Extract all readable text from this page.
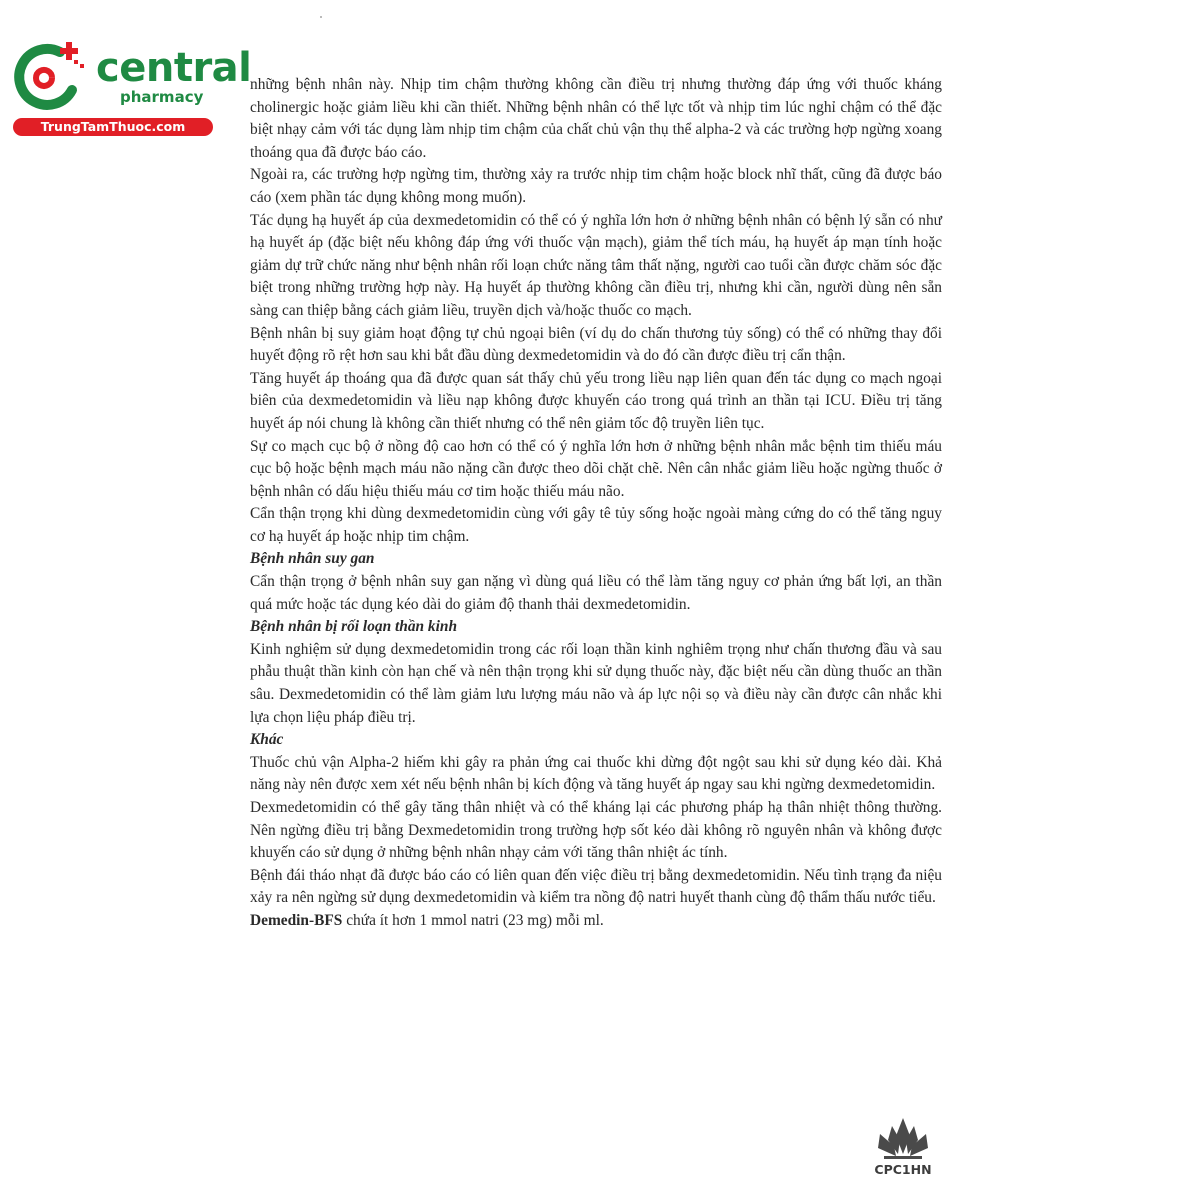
central
pharmacy
TrungTamThuoc.com

những bệnh nhân này. Nhịp tim chậm thường không cần điều trị nhưng thường đáp ứng với thuốc kháng cholinergic hoặc giảm liều khi cần thiết. Những bệnh nhân có thể lực tốt và nhịp tim lúc nghỉ chậm có thể đặc biệt nhạy cảm với tác dụng làm nhịp tim chậm của chất chủ vận thụ thể alpha-2 và các trường hợp ngừng xoang thoáng qua đã được báo cáo.

Ngoài ra, các trường hợp ngừng tim, thường xảy ra trước nhịp tim chậm hoặc block nhĩ thất, cũng đã được báo cáo (xem phần tác dụng không mong muốn).

Tác dụng hạ huyết áp của dexmedetomidin có thể có ý nghĩa lớn hơn ở những bệnh nhân có bệnh lý sẵn có như hạ huyết áp (đặc biệt nếu không đáp ứng với thuốc vận mạch), giảm thể tích máu, hạ huyết áp mạn tính hoặc giảm dự trữ chức năng như bệnh nhân rối loạn chức năng tâm thất nặng, người cao tuổi cần được chăm sóc đặc biệt trong những trường hợp này. Hạ huyết áp thường không cần điều trị, nhưng khi cần, người dùng nên sẵn sàng can thiệp bằng cách giảm liều, truyền dịch và/hoặc thuốc co mạch.

Bệnh nhân bị suy giảm hoạt động tự chủ ngoại biên (ví dụ do chấn thương tủy sống) có thể có những thay đổi huyết động rõ rệt hơn sau khi bắt đầu dùng dexmedetomidin và do đó cần được điều trị cẩn thận.

Tăng huyết áp thoáng qua đã được quan sát thấy chủ yếu trong liều nạp liên quan đến tác dụng co mạch ngoại biên của dexmedetomidin và liều nạp không được khuyến cáo trong quá trình an thần tại ICU. Điều trị tăng huyết áp nói chung là không cần thiết nhưng có thể nên giảm tốc độ truyền liên tục.

Sự co mạch cục bộ ở nồng độ cao hơn có thể có ý nghĩa lớn hơn ở những bệnh nhân mắc bệnh tim thiếu máu cục bộ hoặc bệnh mạch máu não nặng cần được theo dõi chặt chẽ. Nên cân nhắc giảm liều hoặc ngừng thuốc ở bệnh nhân có dấu hiệu thiếu máu cơ tim hoặc thiếu máu não.

Cẩn thận trọng khi dùng dexmedetomidin cùng với gây tê tủy sống hoặc ngoài màng cứng do có thể tăng nguy cơ hạ huyết áp hoặc nhịp tim chậm.

Bệnh nhân suy gan

Cẩn thận trọng ở bệnh nhân suy gan nặng vì dùng quá liều có thể làm tăng nguy cơ phản ứng bất lợi, an thần quá mức hoặc tác dụng kéo dài do giảm độ thanh thải dexmedetomidin.

Bệnh nhân bị rối loạn thần kinh

Kinh nghiệm sử dụng dexmedetomidin trong các rối loạn thần kinh nghiêm trọng như chấn thương đầu và sau phẫu thuật thần kinh còn hạn chế và nên thận trọng khi sử dụng thuốc này, đặc biệt nếu cần dùng thuốc an thần sâu. Dexmedetomidin có thể làm giảm lưu lượng máu não và áp lực nội sọ và điều này cần được cân nhắc khi lựa chọn liệu pháp điều trị.

Khác

Thuốc chủ vận Alpha-2 hiếm khi gây ra phản ứng cai thuốc khi dừng đột ngột sau khi sử dụng kéo dài. Khả năng này nên được xem xét nếu bệnh nhân bị kích động và tăng huyết áp ngay sau khi ngừng dexmedetomidin.

Dexmedetomidin có thể gây tăng thân nhiệt và có thể kháng lại các phương pháp hạ thân nhiệt thông thường. Nên ngừng điều trị bằng Dexmedetomidin trong trường hợp sốt kéo dài không rõ nguyên nhân và không được khuyến cáo sử dụng ở những bệnh nhân nhạy cảm với tăng thân nhiệt ác tính.

Bệnh đái tháo nhạt đã được báo cáo có liên quan đến việc điều trị bằng dexmedetomidin. Nếu tình trạng đa niệu xảy ra nên ngừng sử dụng dexmedetomidin và kiểm tra nồng độ natri huyết thanh cùng độ thẩm thấu nước tiểu.

Demedin-BFS chứa ít hơn 1 mmol natri (23 mg) mỗi ml.

CPC1HN
